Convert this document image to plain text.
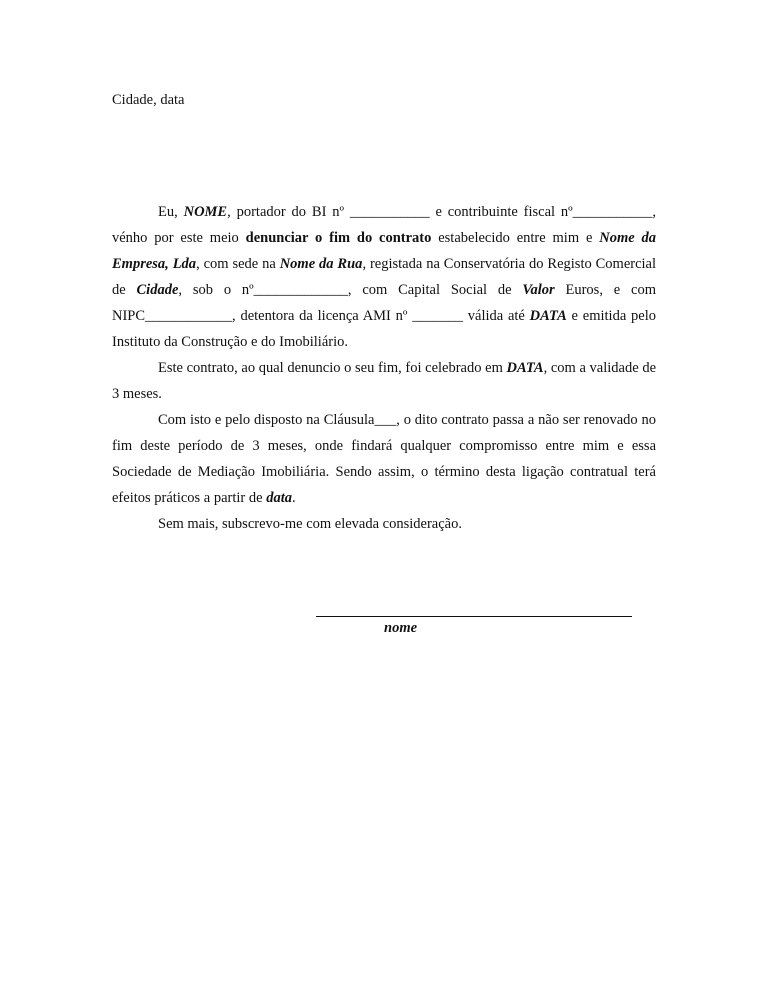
Cidade, data

Eu, NOME, portador do BI nº ___________ e contribuinte fiscal nº___________, vénho por este meio denunciar o fim do contrato estabelecido entre mim e Nome da Empresa, Lda, com sede na Nome da Rua, registada na Conservatória do Registo Comercial de Cidade, sob o nº_____________, com Capital Social de Valor Euros, e com NIPC____________, detentora da licença AMI nº _______ válida até DATA e emitida pelo Instituto da Construção e do Imobiliário.

Este contrato, ao qual denuncio o seu fim, foi celebrado em DATA, com a validade de 3 meses.

Com isto e pelo disposto na Cláusula___, o dito contrato passa a não ser renovado no fim deste período de 3 meses, onde findará qualquer compromisso entre mim e essa Sociedade de Mediação Imobiliária. Sendo assim, o término desta ligação contratual terá efeitos práticos a partir de data.

Sem mais, subscrevo-me com elevada consideração.

nome
